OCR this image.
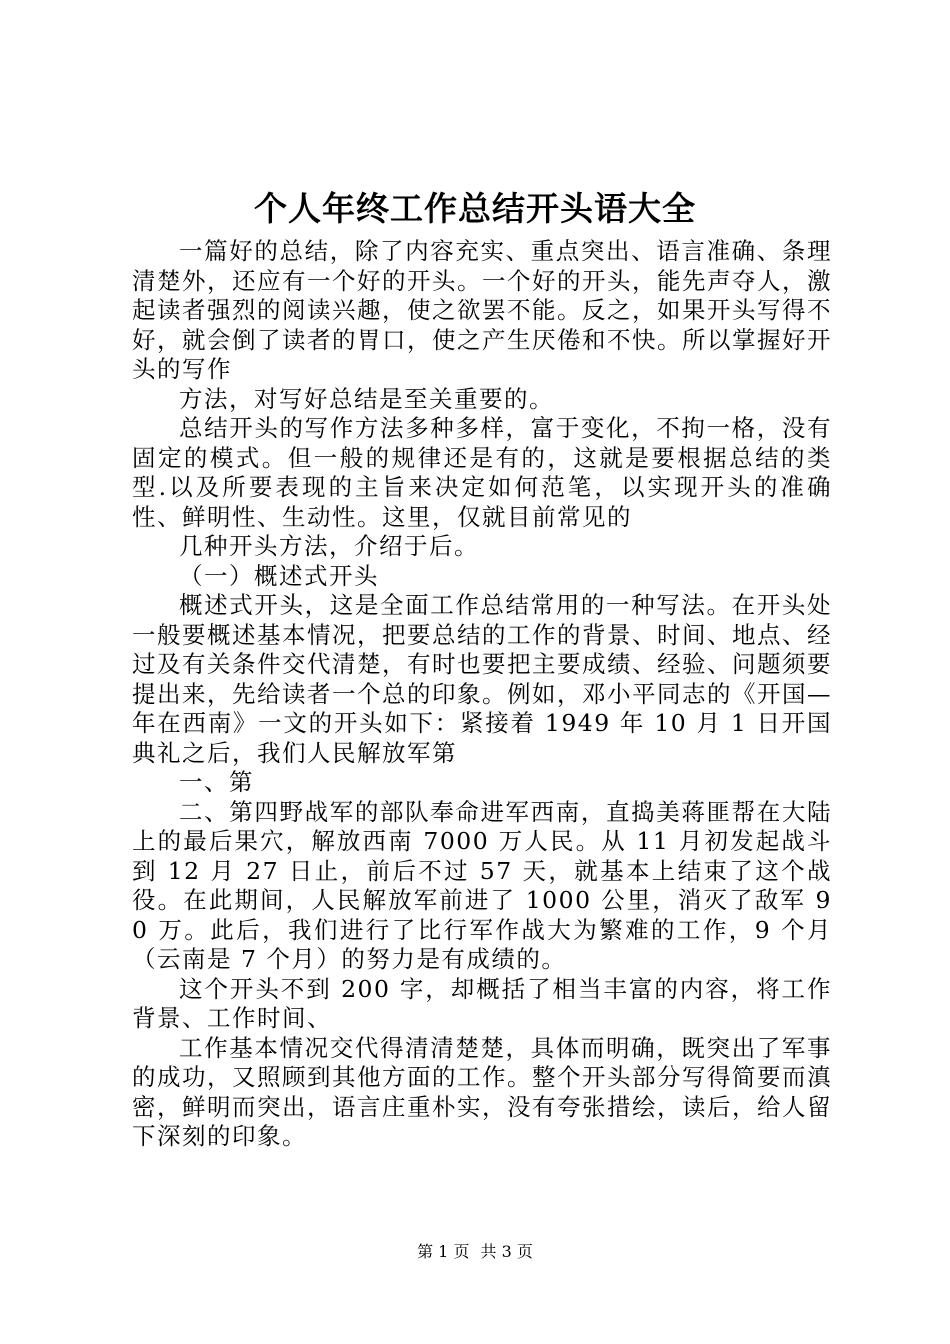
个人年终工作总结开头语大全

一篇好的总结，除了内容充实、重点突出、语言准确、条理清楚外，还应有一个好的开头。一个好的开头，能先声夺人，激起读者强烈的阅读兴趣，使之欲罢不能。反之，如果开头写得不好，就会倒了读者的胃口，使之产生厌倦和不快。所以掌握好开头的写作

方法，对写好总结是至关重要的。

总结开头的写作方法多种多样，富于变化，不拘一格，没有固定的模式。但一般的规律还是有的，这就是要根据总结的类型.以及所要表现的主旨来决定如何范笔，以实现开头的准确性、鲜明性、生动性。这里，仅就目前常见的

几种开头方法，介绍于后。

（一）概述式开头

概述式开头，这是全面工作总结常用的一种写法。在开头处一般要概述基本情况，把要总结的工作的背景、时间、地点、经过及有关条件交代清楚，有时也要把主要成绩、经验、问题须要提出来，先给读者一个总的印象。例如，邓小平同志的《开国—年在西南》一文的开头如下：紧接着 1949 年 10 月 1 日开国典礼之后，我们人民解放军第

一、第

二、第四野战军的部队奉命进军西南，直捣美蒋匪帮在大陆上的最后果穴，解放西南 7000 万人民。从 11 月初发起战斗到 12 月 27 日止，前后不过 57 天，就基本上结束了这个战役。在此期间，人民解放军前进了 1000 公里，消灭了敌军 90 万。此后，我们进行了比行军作战大为繁难的工作，9 个月（云南是 7 个月）的努力是有成绩的。

这个开头不到 200 字，却概括了相当丰富的内容，将工作背景、工作时间、

工作基本情况交代得清清楚楚，具体而明确，既突出了军事的成功，又照顾到其他方面的工作。整个开头部分写得简要而滇密，鲜明而突出，语言庄重朴实，没有夸张措绘，读后，给人留下深刻的印象。

第 1 页 共 3 页
